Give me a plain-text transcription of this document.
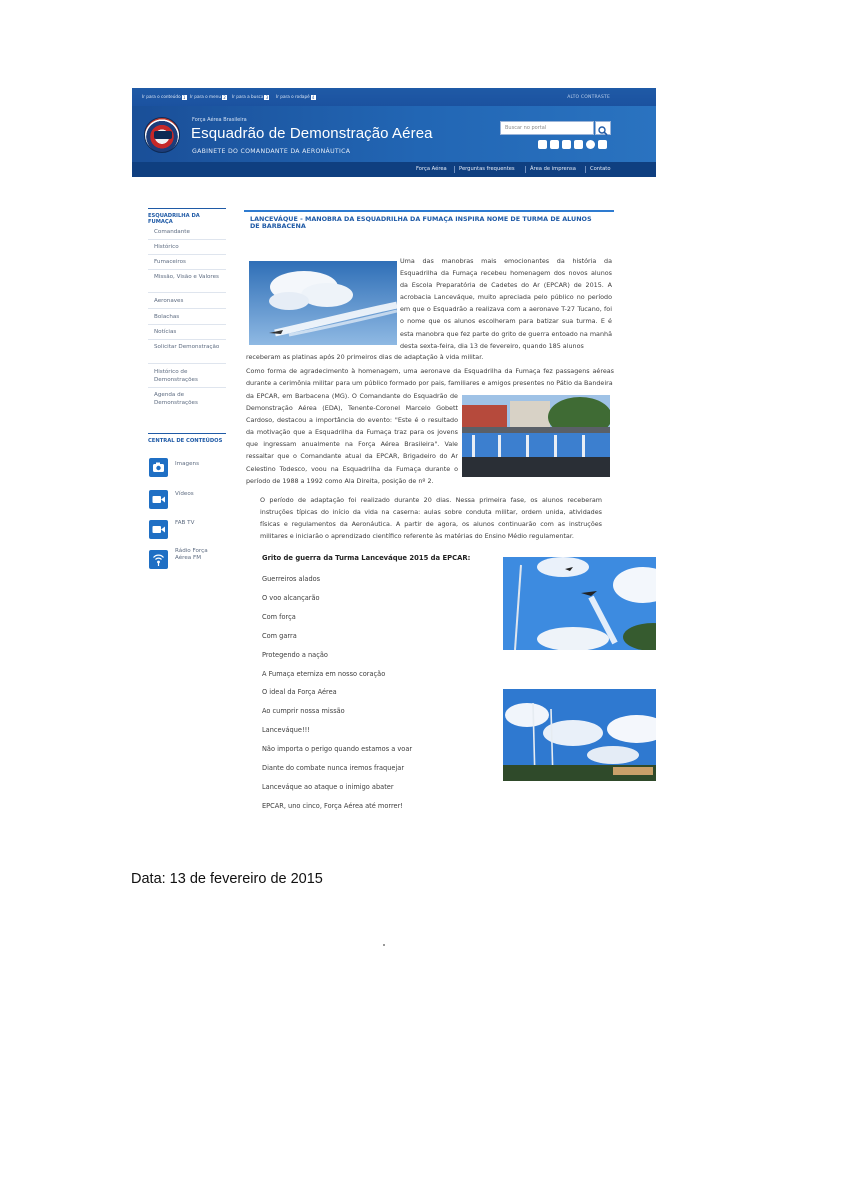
Ir para o conteúdo 1 Ir para o menu 2 Ir para a busca 3 Ir para o rodapé 4	ALTO CONTRASTE
Força Aérea Brasileira
Esquadrão de Demonstração Aérea
GABINETE DO COMANDANTE DA AERONÁUTICA
Buscar no portal
Força Aérea Perguntas frequentes	Área de imprensa	Contato
ESQUADRILHA DA FUMAÇA
Comandante
Histórico
Fumaceiros
Missão, Visão e Valores
Aeronaves
Bolachas
Notícias
Solicitar Demonstração
Histórico de Demonstrações
Agenda de Demonstrações
CENTRAL DE CONTEÚDOS
Imagens
Vídeos
FAB TV
Rádio Força Aérea FM
LANCEVÁQUE - MANOBRA DA ESQUADRILHA DA FUMAÇA INSPIRA NOME DE TURMA DE ALUNOS DE BARBACENA
Uma das manobras mais emocionantes da história da Esquadrilha da Fumaça recebeu homenagem dos novos alunos da Escola Preparatória de Cadetes do Ar (EPCAR) de 2015. A acrobacia Lanceváque, muito apreciada pelo público no período em que o Esquadrão a realizava com a aeronave T-27 Tucano, foi o nome que os alunos escolheram para batizar sua turma. E é esta manobra que fez parte do grito de guerra entoado na manhã desta sexta-feira, dia 13 de fevereiro, quando 185 alunos
receberam as platinas após 20 primeiros dias de adaptação à vida militar.
Como forma de agradecimento à homenagem, uma aeronave da Esquadrilha da Fumaça fez passagens aéreas durante a cerimônia militar para um público formado por pais, familiares e amigos presentes no Pátio da Bandeira
da EPCAR, em Barbacena (MG). O Comandante do Esquadrão de Demonstração Aérea (EDA), Tenente-Coronel Marcelo Gobett Cardoso, destacou a importância do evento: "Este é o resultado da motivação que a Esquadrilha da Fumaça traz para os jovens que ingressam anualmente na Força Aérea Brasileira". Vale ressaltar que o Comandante atual da EPCAR, Brigadeiro do Ar Celestino Todesco, voou na Esquadrilha da Fumaça durante o período de 1988 a 1992 como Ala Direita, posição de nº 2.
O período de adaptação foi realizado durante 20 dias. Nessa primeira fase, os alunos receberam instruções típicas do início da vida na caserna: aulas sobre conduta militar, ordem unida, atividades físicas e regulamentos da Aeronáutica. A partir de agora, os alunos continuarão com as instruções militares e iniciarão o aprendizado científico referente às matérias do Ensino Médio regulamentar.
Grito de guerra da Turma Lanceváque 2015 da EPCAR:
Guerreiros alados
O voo alcançarão
Com força
Com garra
Protegendo a nação
A Fumaça eterniza em nosso coração
O ideal da Força Aérea
Ao cumprir nossa missão
Lanceváque!!!
Não importa o perigo quando estamos a voar
Diante do combate nunca iremos fraquejar
Lanceváque ao ataque o inimigo abater
EPCAR, uno cinco, Força Aérea até morrer!
Data: 13 de fevereiro de 2015
